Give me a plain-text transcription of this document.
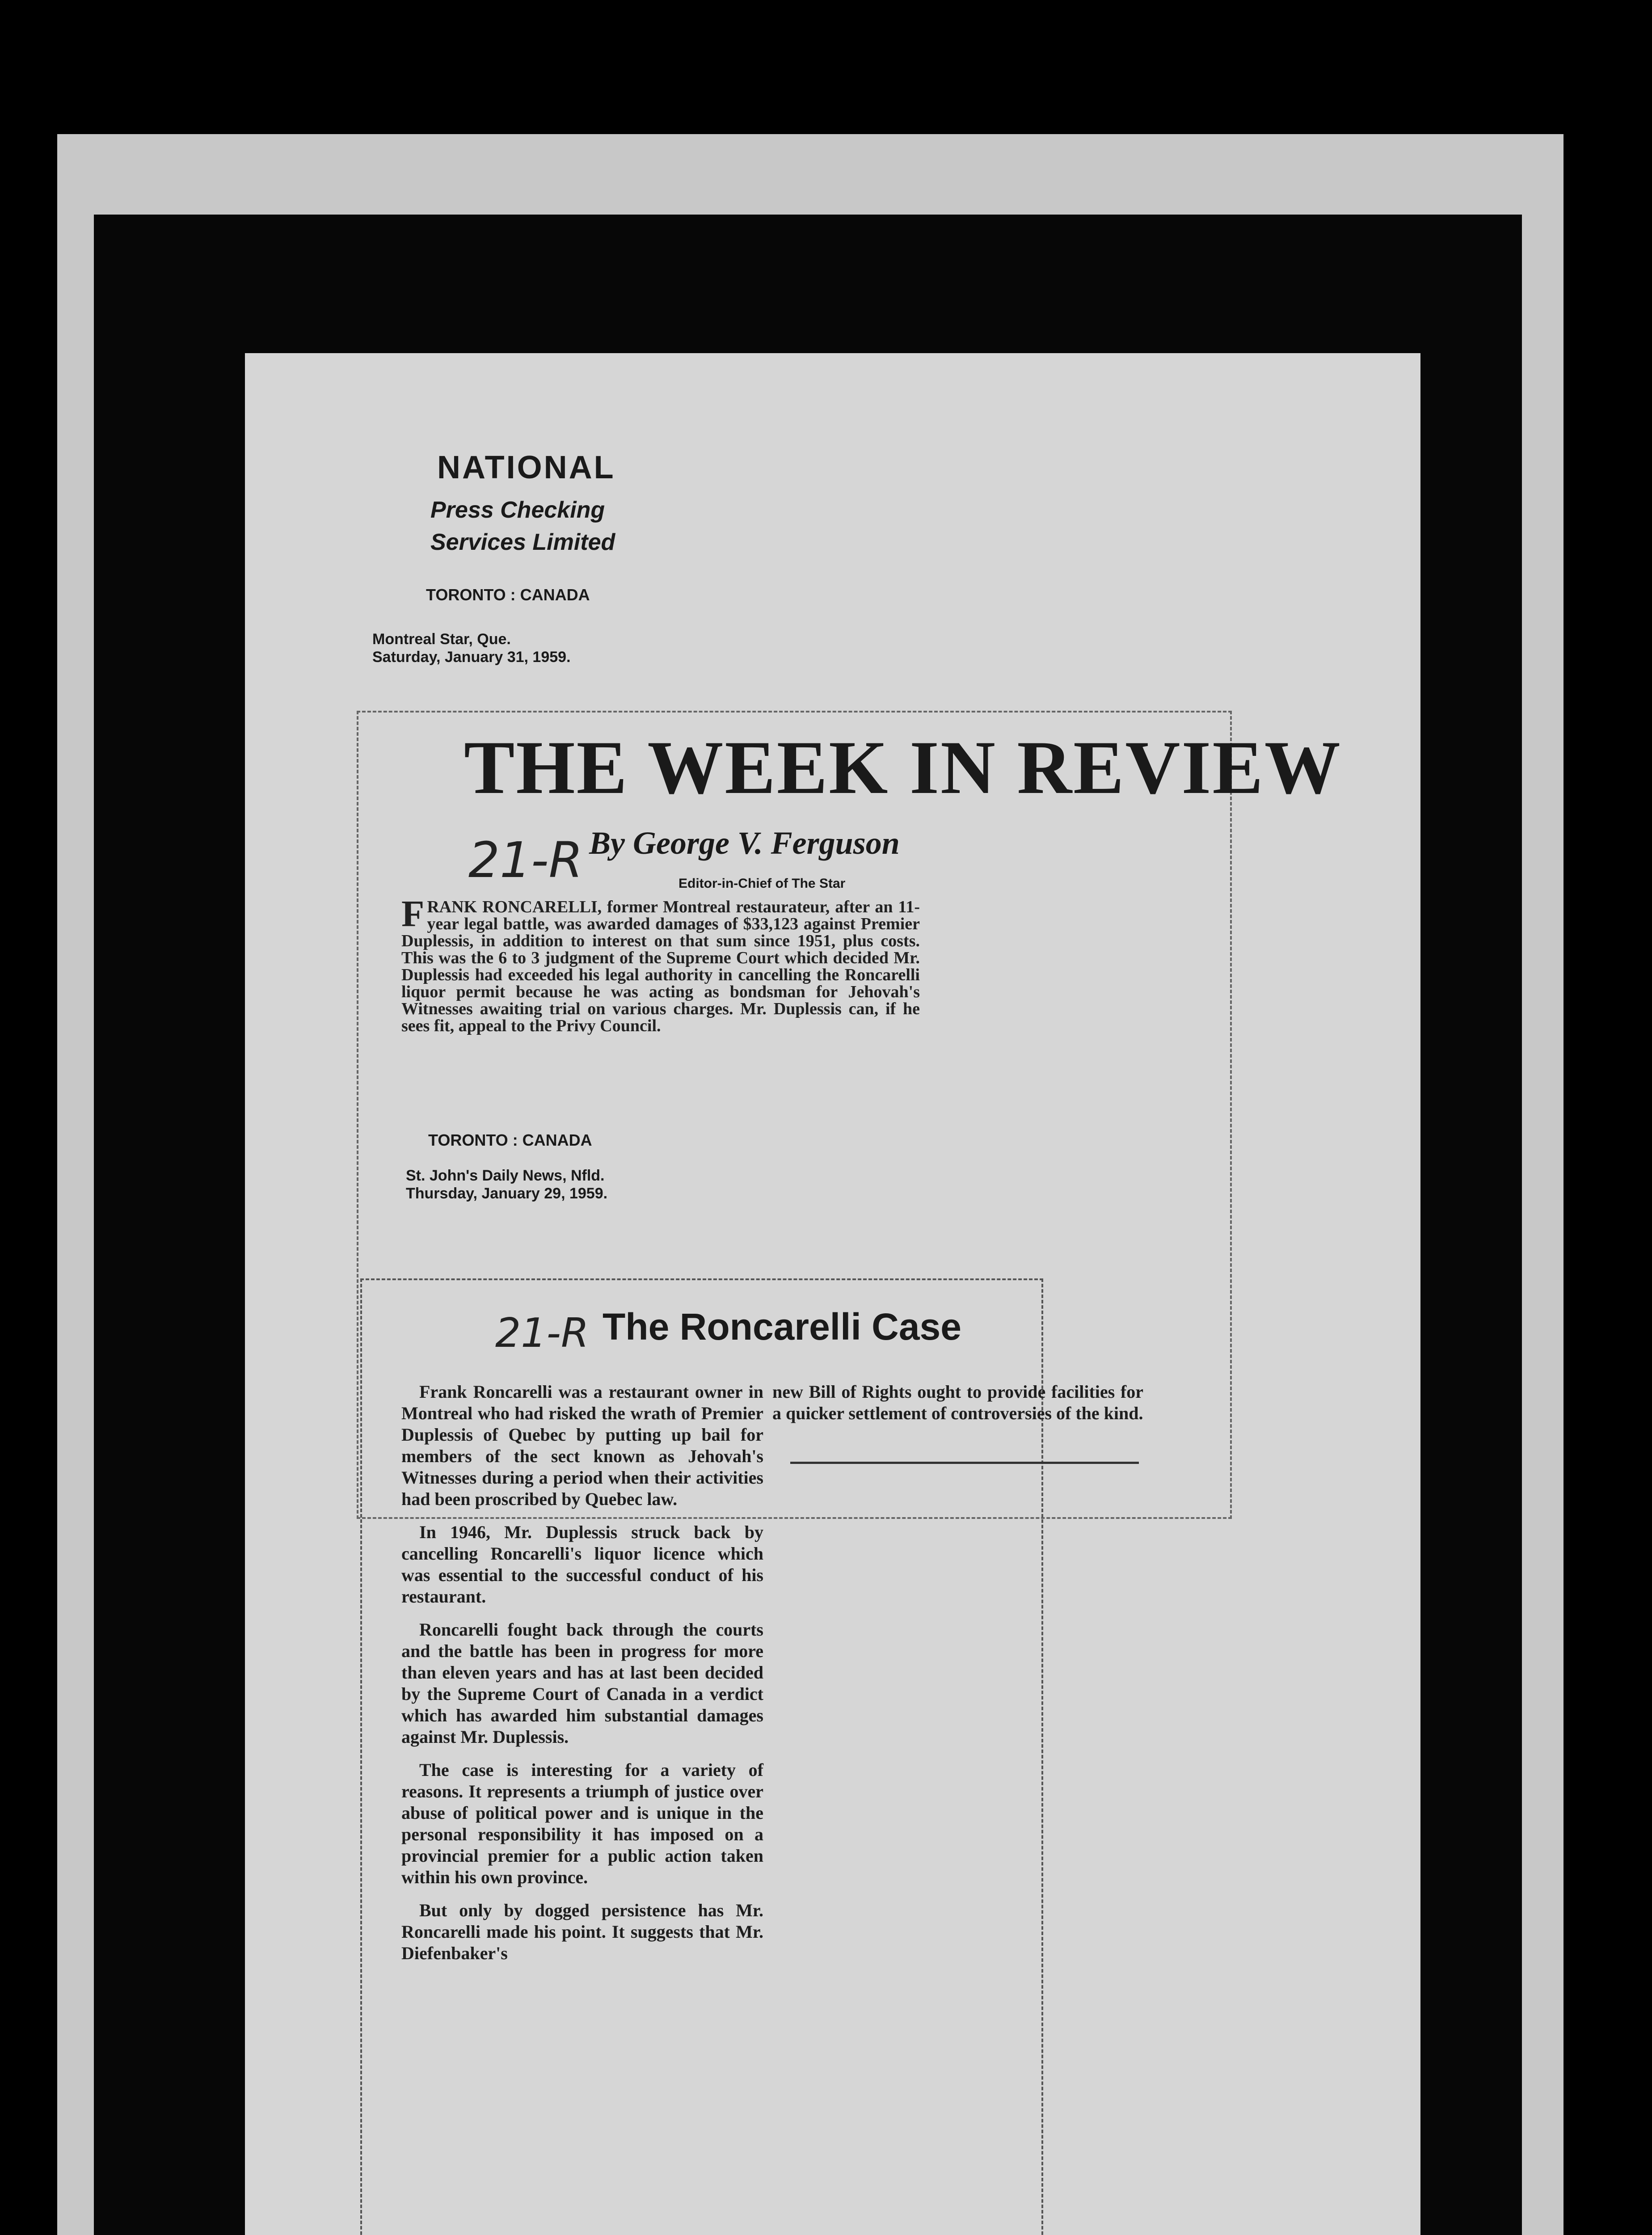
NATIONAL
Press Checking
Services Limited
TORONTO : CANADA
Montreal Star, Que.
Saturday, January 31, 1959.
THE WEEK IN REVIEW
By George V. Ferguson
Editor-in-Chief of The Star
21-R
FRANK RONCARELLI, former Montreal restaurateur, after an 11-year legal battle, was awarded damages of $33,123 against Premier Duplessis, in addition to interest on that sum since 1951, plus costs. This was the 6 to 3 judgment of the Supreme Court which decided Mr. Duplessis had exceeded his legal authority in cancelling the Roncarelli liquor permit because he was acting as bondsman for Jehovah's Witnesses awaiting trial on various charges. Mr. Duplessis can, if he sees fit, appeal to the Privy Council.
TORONTO : CANADA
St. John's Daily News, Nfld.
Thursday, January 29, 1959.
21-R The Roncarelli Case

Frank Roncarelli was a restaurant owner in Montreal who had risked the wrath of Premier Duplessis of Quebec by putting up bail for members of the sect known as Jehovah's Witnesses during a period when their activities had been proscribed by Quebec law.

In 1946, Mr. Duplessis struck back by cancelling Roncarelli's liquor licence which was essential to the successful conduct of his restaurant.

Roncarelli fought back through the courts and the battle has been in progress for more than eleven years and has at last been decided by the Supreme Court of Canada in a verdict which has awarded him substantial damages against Mr. Duplessis.

The case is interesting for a variety of reasons. It represents a triumph of justice over abuse of political power and is unique in the personal responsibility it has imposed on a provincial premier for a public action taken within his own province.

But only by dogged persistence has Mr. Roncarelli made his point. It suggests that Mr. Diefenbaker's

new Bill of Rights ought to provide facilities for a quicker settlement of controversies of the kind.
